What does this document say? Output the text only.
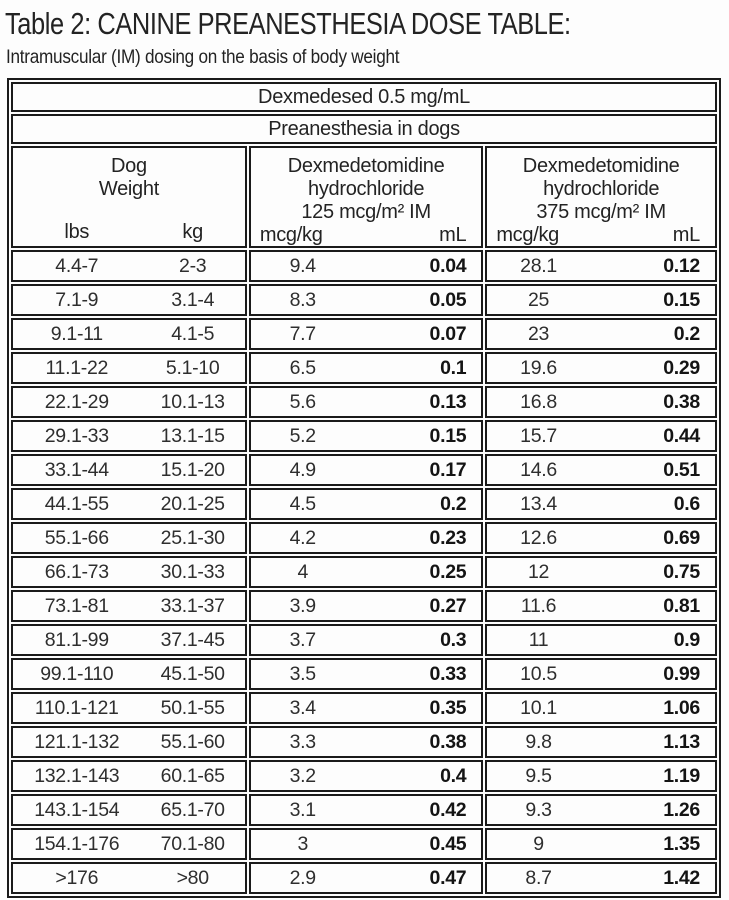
Table 2: CANINE PREANESTHESIA DOSE TABLE:
Intramuscular (IM) dosing on the basis of body weight
Dexmedesed 0.5 mg/mL		
Preanesthesia in dogs		

Dog
Weight
lbs	kg

Dexmedetomidine
hydrochloride
125 mcg/m² IM
mcg/kg	mL

Dexmedetomidine
hydrochloride
375 mcg/m² IM
mcg/kg	mL

4.4-7 2-3	9.4 0.04	28.1 0.12

7.1-9 3.1-4	8.3 0.05	25 0.15

9.1-11 4.1-5	7.7 0.07	23 0.2

11.1-22 5.1-10	6.5 0.1	19.6 0.29

22.1-29 10.1-13	5.6 0.13	16.8 0.38

29.1-33 13.1-15	5.2 0.15	15.7 0.44

33.1-44 15.1-20	4.9 0.17	14.6 0.51

44.1-55 20.1-25	4.5 0.2	13.4 0.6

55.1-66 25.1-30	4.2 0.23	12.6 0.69

66.1-73 30.1-33	4 0.25	12 0.75

73.1-81 33.1-37	3.9 0.27	11.6 0.81

81.1-99 37.1-45	3.7 0.3	11 0.9

99.1-110 45.1-50	3.5 0.33	10.5 0.99

110.1-121 50.1-55	3.4 0.35	10.1 1.06

121.1-132 55.1-60	3.3 0.38	9.8 1.13

132.1-143 60.1-65	3.2 0.4	9.5 1.19

143.1-154 65.1-70	3.1 0.42	9.3 1.26

154.1-176 70.1-80	3 0.45	9 1.35

>176 >80	2.9 0.47	8.7 1.42
